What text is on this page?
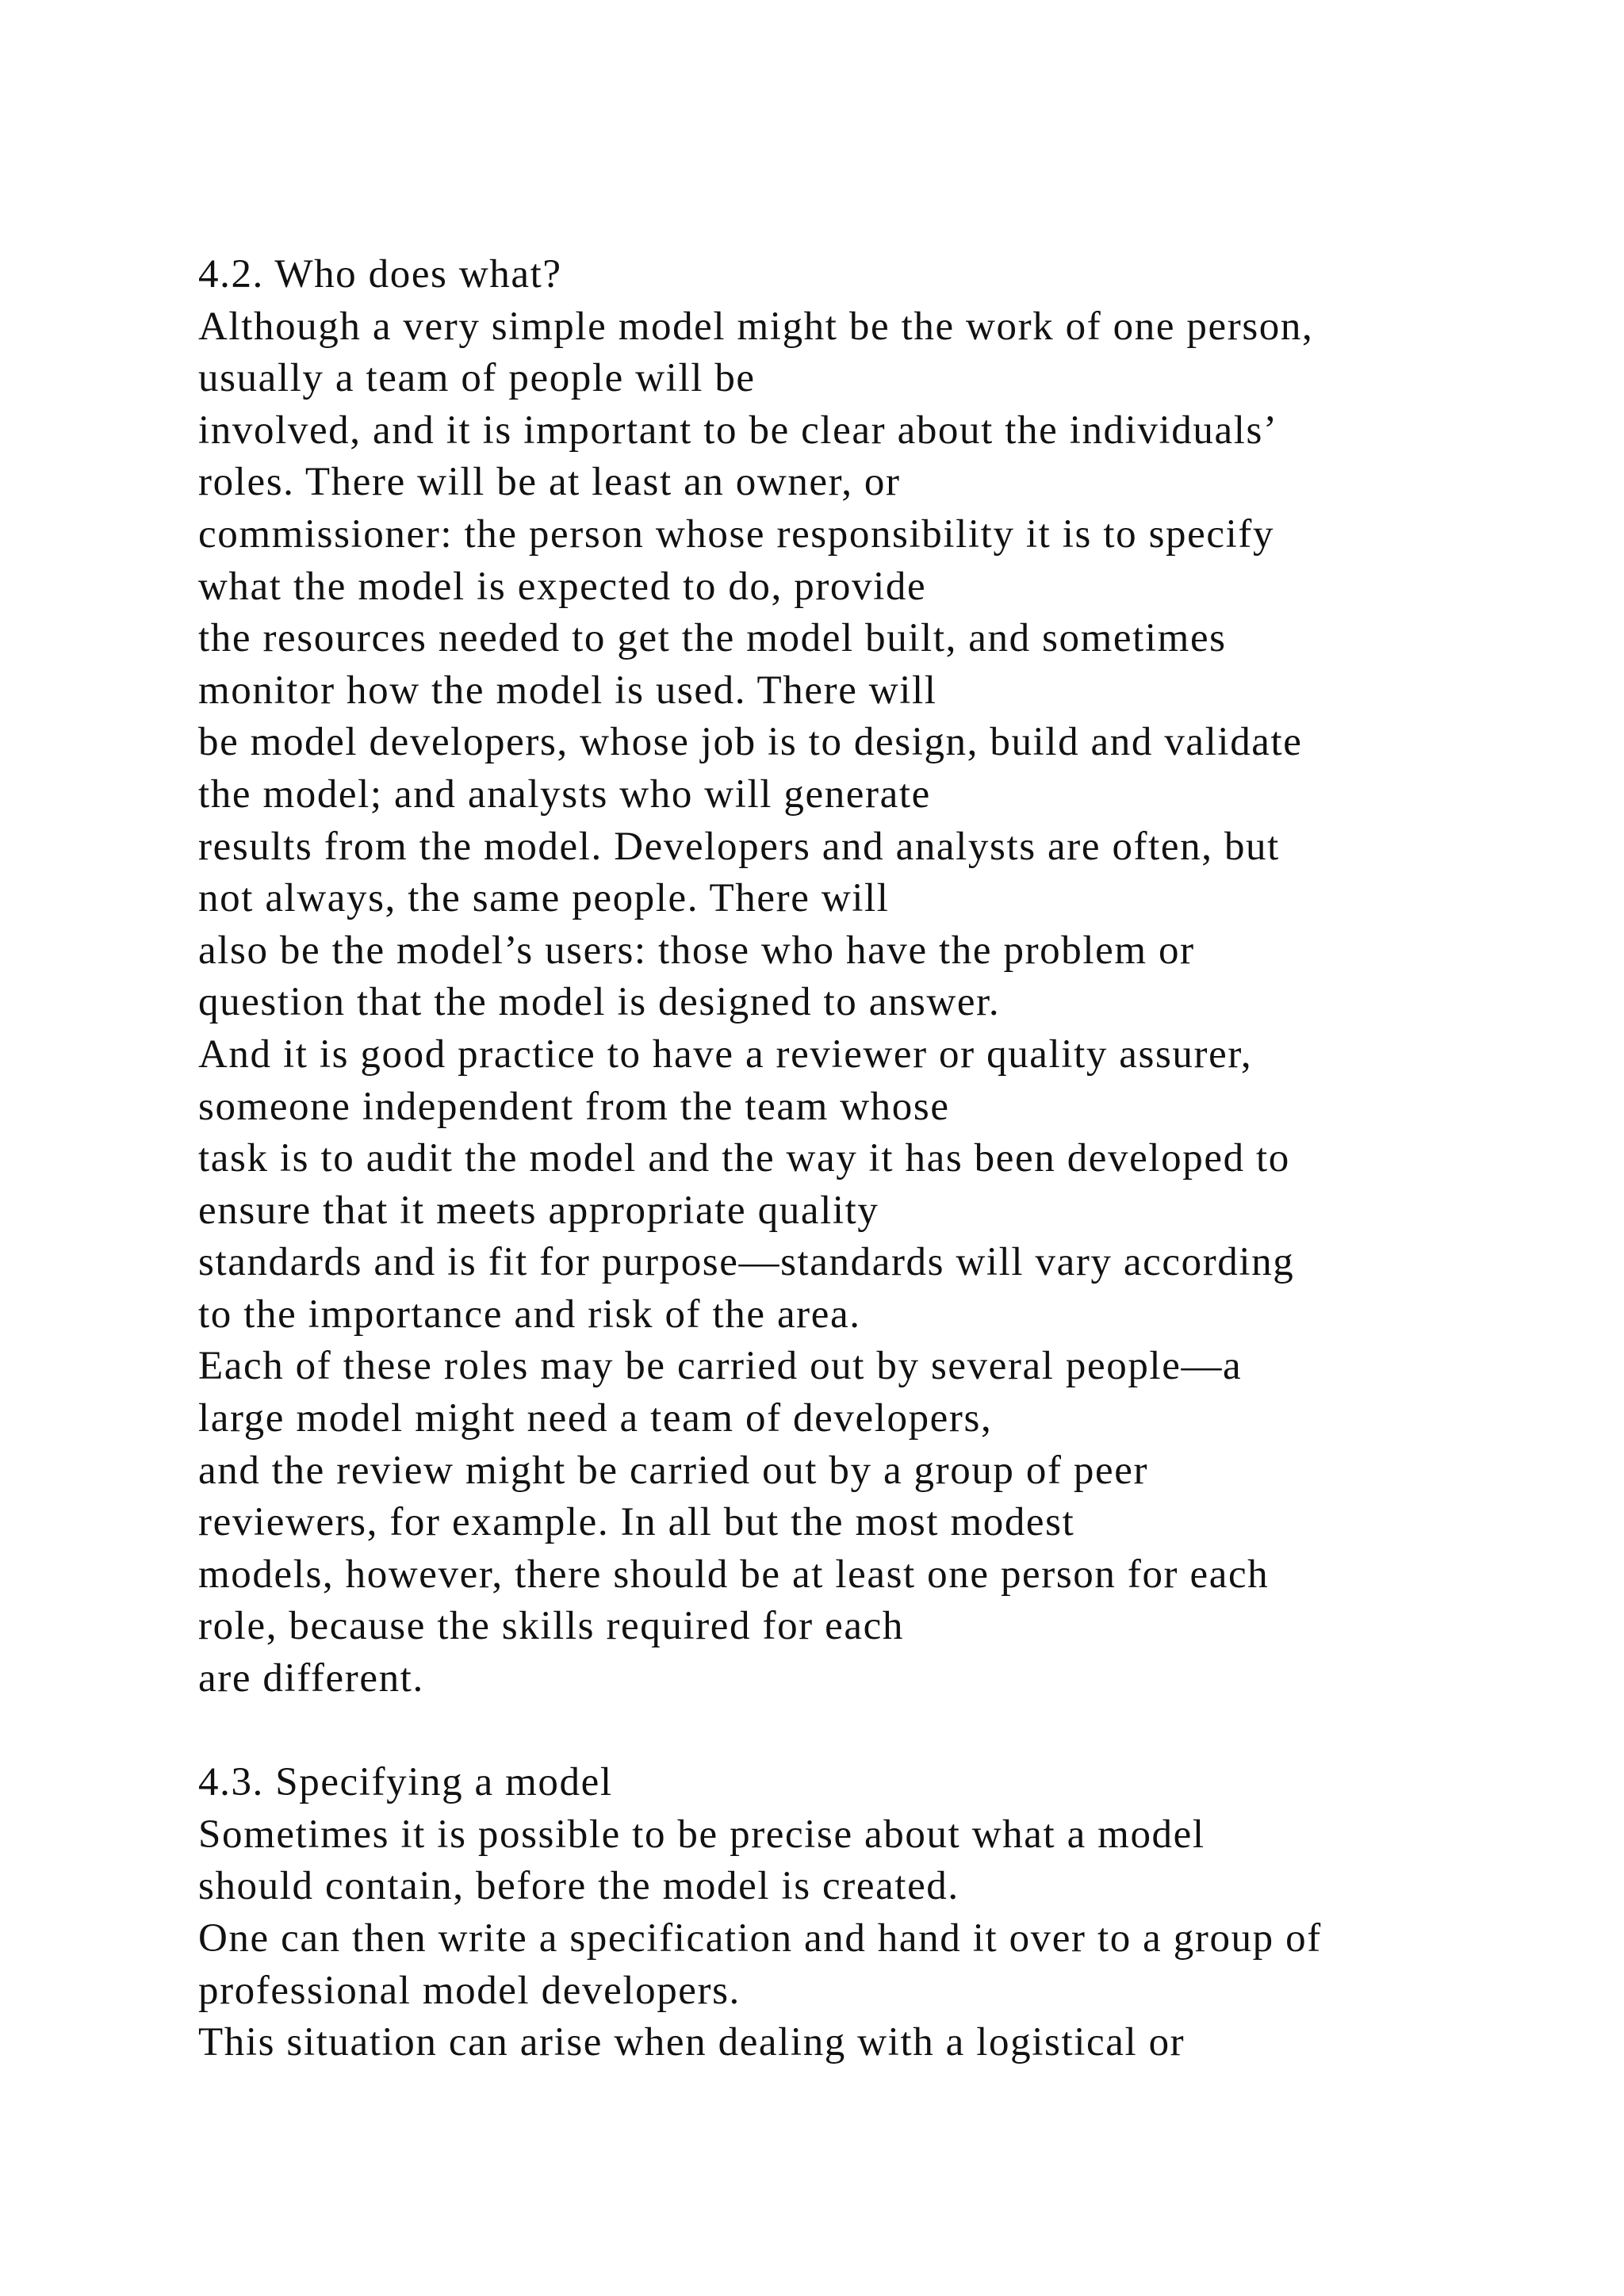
4.2. Who does what?
Although a very simple model might be the work of one person,
usually a team of people will be
involved, and it is important to be clear about the individuals’
roles. There will be at least an owner, or
commissioner: the person whose responsibility it is to specify
what the model is expected to do, provide
the resources needed to get the model built, and sometimes
monitor how the model is used. There will
be model developers, whose job is to design, build and validate
the model; and analysts who will generate
results from the model. Developers and analysts are often, but
not always, the same people. There will
also be the model’s users: those who have the problem or
question that the model is designed to answer.
And it is good practice to have a reviewer or quality assurer,
someone independent from the team whose
task is to audit the model and the way it has been developed to
ensure that it meets appropriate quality
standards and is fit for purpose—standards will vary according
to the importance and risk of the area.
Each of these roles may be carried out by several people—a
large model might need a team of developers,
and the review might be carried out by a group of peer
reviewers, for example. In all but the most modest
models, however, there should be at least one person for each
role, because the skills required for each
are different.
4.3. Specifying a model
Sometimes it is possible to be precise about what a model
should contain, before the model is created.
One can then write a specification and hand it over to a group of
professional model developers.
This situation can arise when dealing with a logistical or
